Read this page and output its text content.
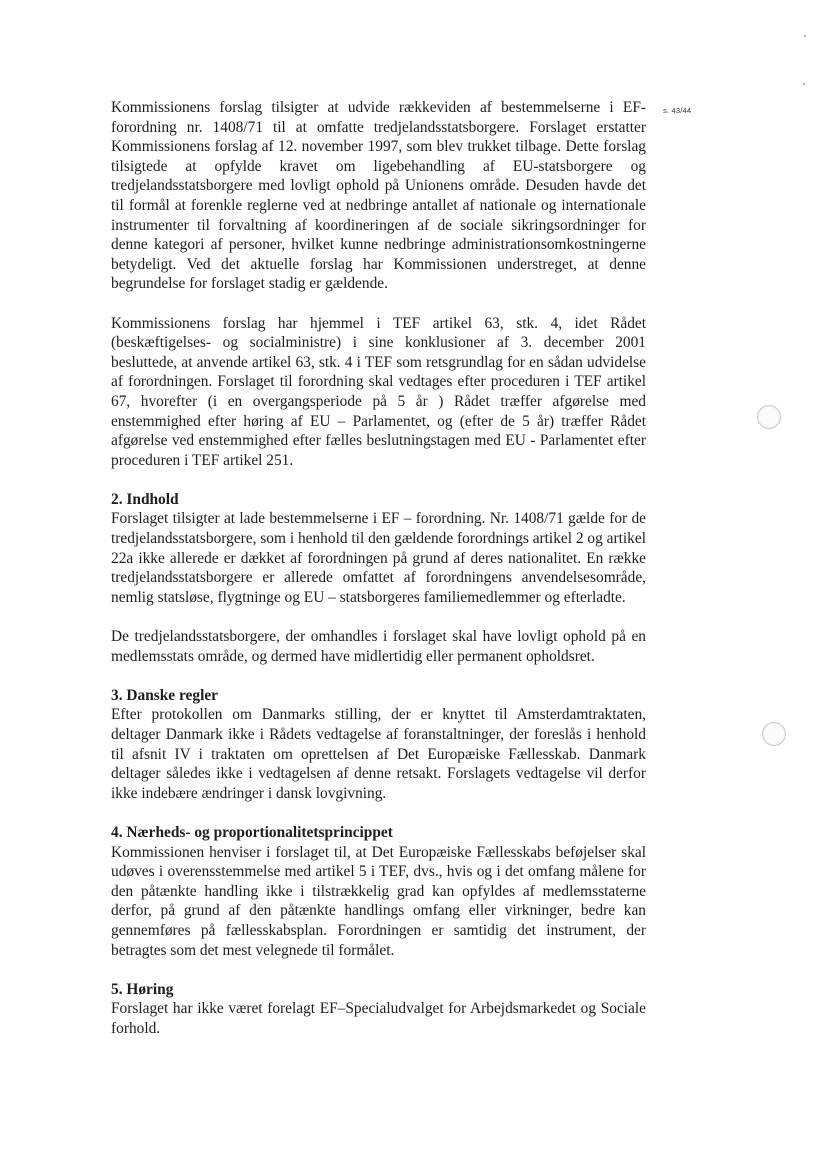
s. 43/44

Kommissionens forslag tilsigter at udvide rækkeviden af bestemmelserne i EF-forordning nr. 1408/71 til at omfatte tredjelandsstatsborgere. Forslaget erstatter Kommissionens forslag af 12. november 1997, som blev trukket tilbage. Dette forslag tilsigtede at opfylde kravet om ligebehandling af EU-statsborgere og tredjelandsstatsborgere med lovligt ophold på Unionens område. Desuden havde det til formål at forenkle reglerne ved at nedbringe antallet af nationale og internationale instrumenter til forvaltning af koordineringen af de sociale sikringsordninger for denne kategori af personer, hvilket kunne nedbringe administrationsomkostningerne betydeligt. Ved det aktuelle forslag har Kommissionen understreget, at denne begrundelse for forslaget stadig er gældende.

Kommissionens forslag har hjemmel i TEF artikel 63, stk. 4, idet Rådet (beskæftigelses- og socialministre) i sine konklusioner af 3. december 2001 besluttede, at anvende artikel 63, stk. 4 i TEF som retsgrundlag for en sådan udvidelse af forordningen. Forslaget til forordning skal vedtages efter proceduren i TEF artikel 67, hvorefter (i en overgangsperiode på 5 år ) Rådet træffer afgørelse med enstemmighed efter høring af EU – Parlamentet, og (efter de 5 år) træffer Rådet afgørelse ved enstemmighed efter fælles beslutningstagen med EU - Parlamentet efter proceduren i TEF artikel 251.

2. Indhold

Forslaget tilsigter at lade bestemmelserne i EF – forordning. Nr. 1408/71 gælde for de tredjelandsstatsborgere, som i henhold til den gældende forordnings artikel 2 og artikel 22a ikke allerede er dækket af forordningen på grund af deres nationalitet. En række tredjelandsstatsborgere er allerede omfattet af forordningens anvendelsesområde, nemlig statsløse, flygtninge og EU – statsborgeres familiemedlemmer og efterladte.

De tredjelandsstatsborgere, der omhandles i forslaget skal have lovligt ophold på en medlemsstats område, og dermed have midlertidig eller permanent opholdsret.

3. Danske regler

Efter protokollen om Danmarks stilling, der er knyttet til Amsterdamtraktaten, deltager Danmark ikke i Rådets vedtagelse af foranstaltninger, der foreslås i henhold til afsnit IV i traktaten om oprettelsen af Det Europæiske Fællesskab. Danmark deltager således ikke i vedtagelsen af denne retsakt. Forslagets vedtagelse vil derfor ikke indebære ændringer i dansk lovgivning.

4. Nærheds- og proportionalitetsprincippet

Kommissionen henviser i forslaget til, at Det Europæiske Fællesskabs beføjelser skal udøves i overensstemmelse med artikel 5 i TEF, dvs., hvis og i det omfang målene for den påtænkte handling ikke i tilstrækkelig grad kan opfyldes af medlemsstaterne derfor, på grund af den påtænkte handlings omfang eller virkninger, bedre kan gennemføres på fællesskabsplan. Forordningen er samtidig det instrument, der betragtes som det mest velegnede til formålet.

5. Høring

Forslaget har ikke været forelagt EF–Specialudvalget for Arbejdsmarkedet og Sociale forhold.
